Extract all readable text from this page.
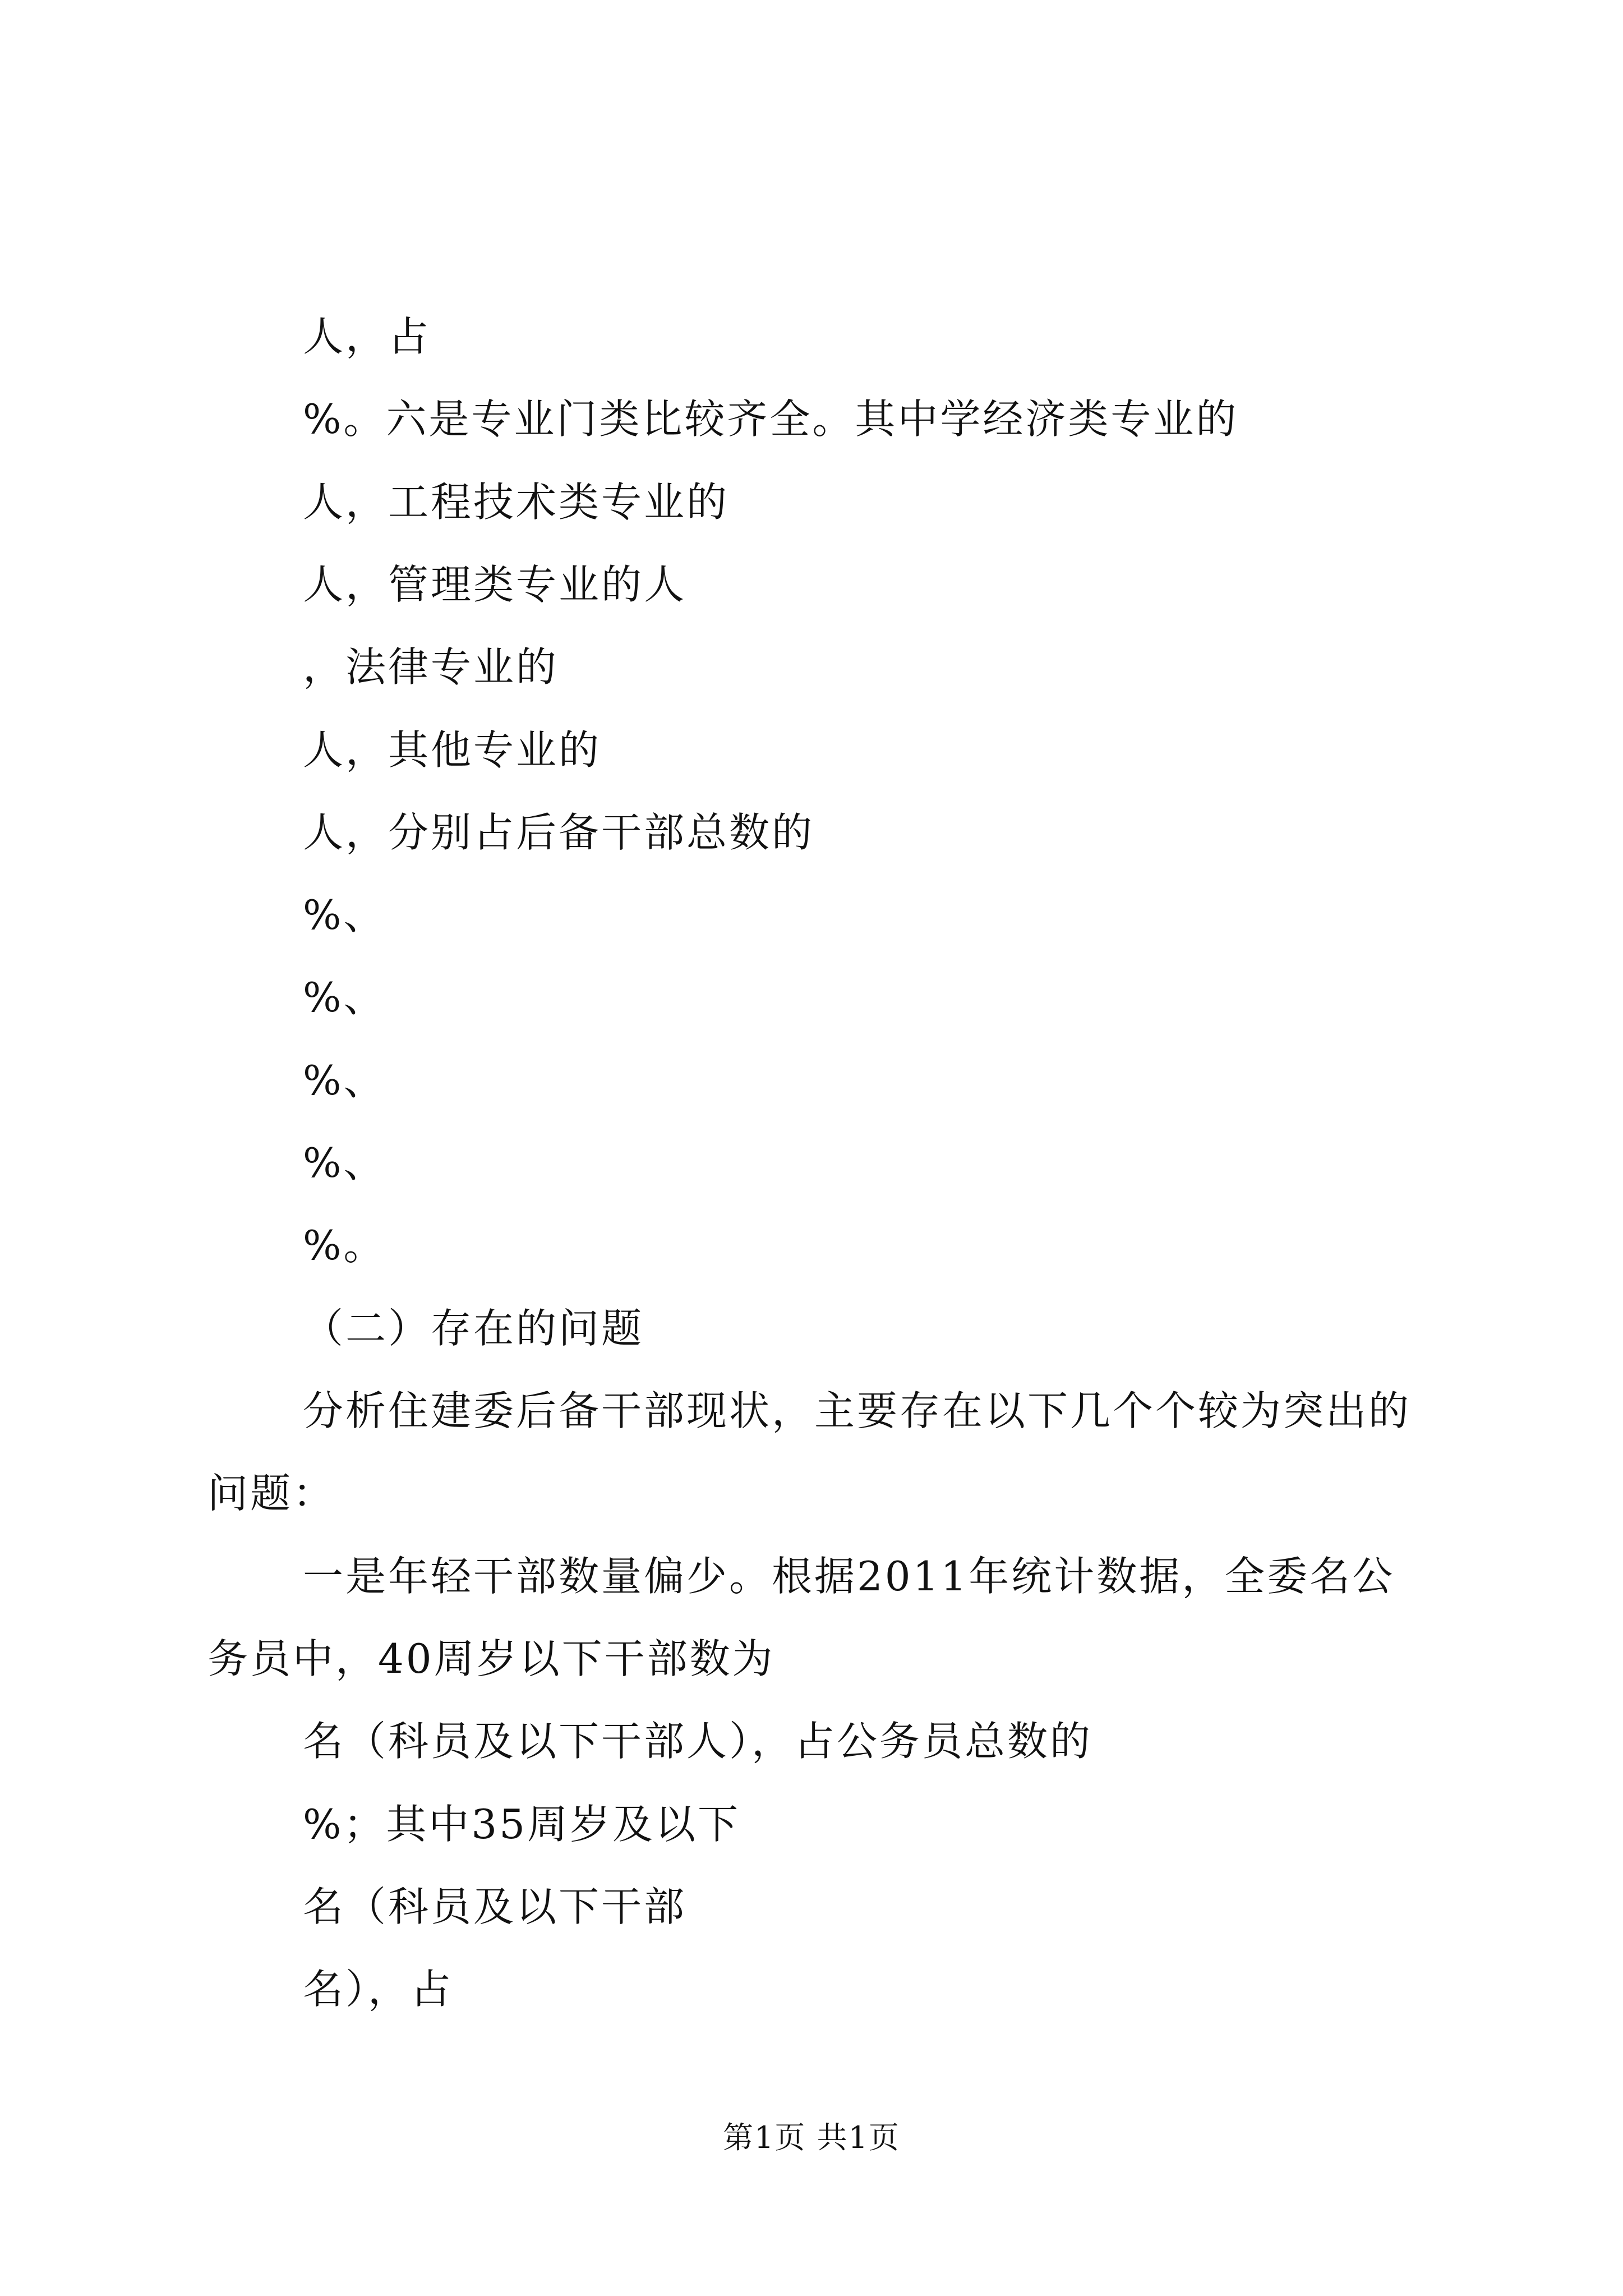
人，占
%。六是专业门类比较齐全。其中学经济类专业的
人，工程技术类专业的
人，管理类专业的人
，法律专业的
人，其他专业的
人，分别占后备干部总数的
%、
%、
%、
%、
%。
（二）存在的问题
分析住建委后备干部现状，主要存在以下几个个较为突出的
问题：
一是年轻干部数量偏少。根据2011年统计数据，全委名公
务员中，40周岁以下干部数为
名（科员及以下干部人），占公务员总数的
%；其中35周岁及以下
名（科员及以下干部
名），占
第1页 共1页
